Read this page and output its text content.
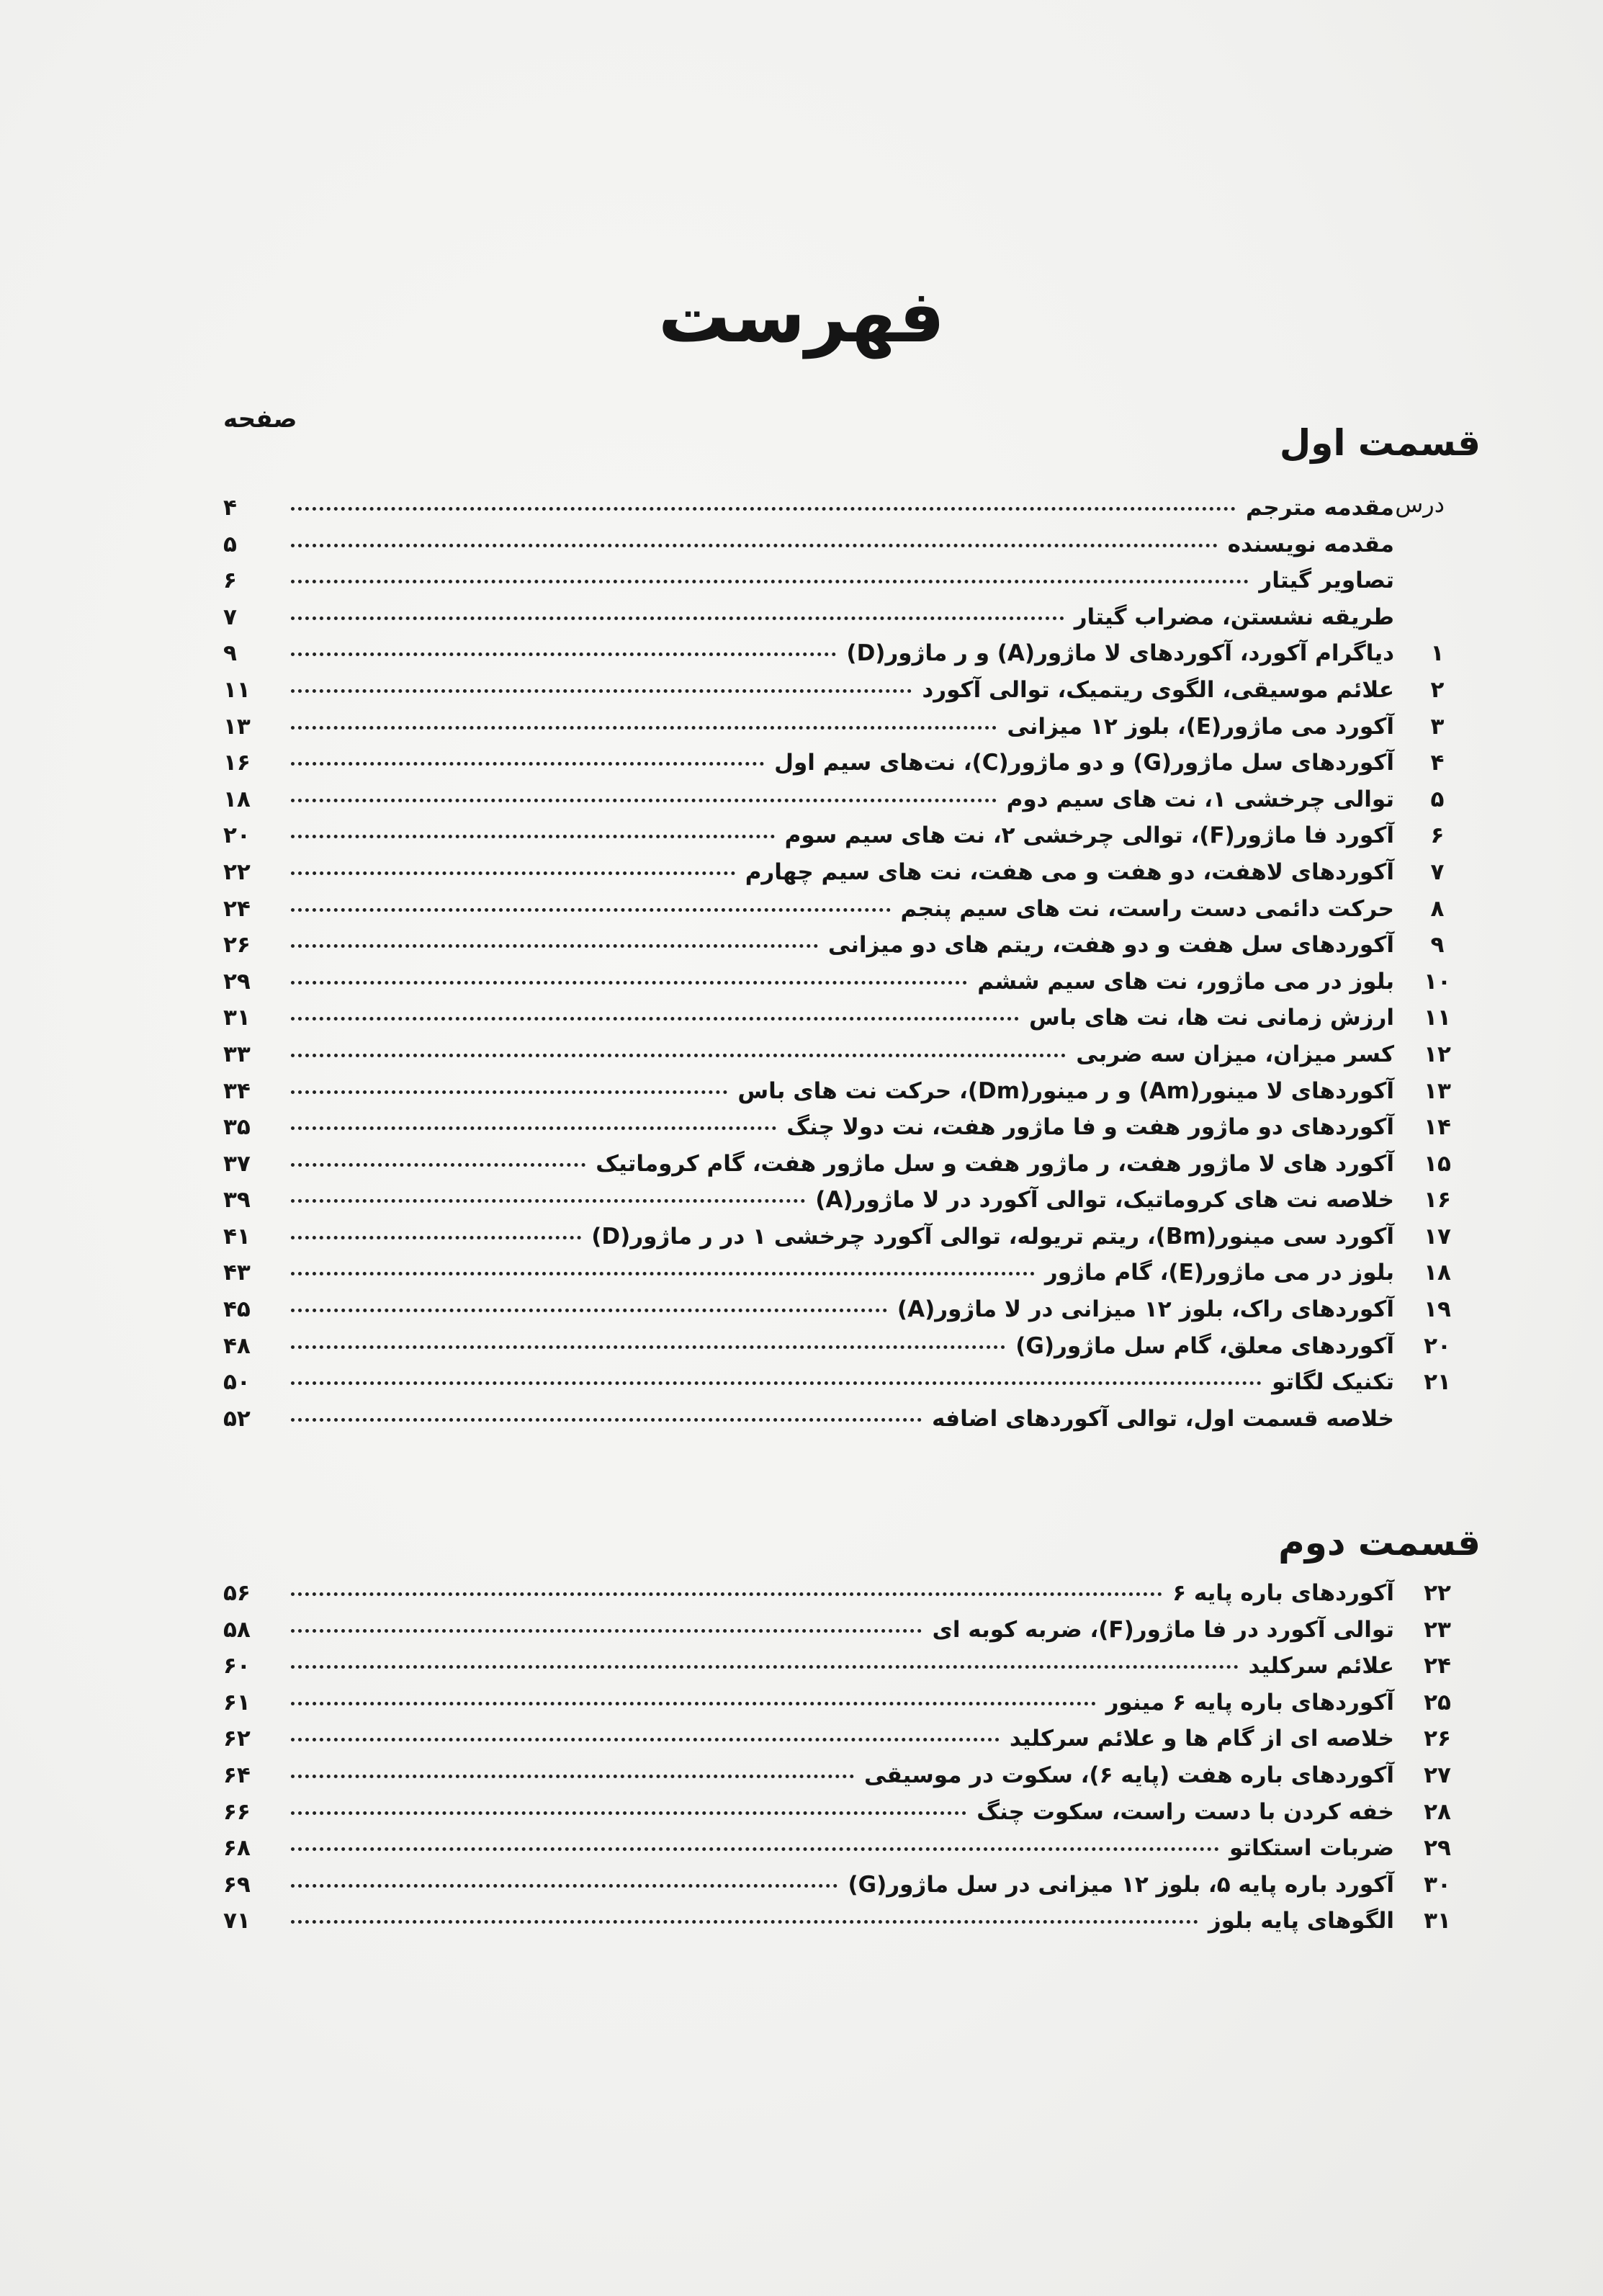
فهرست
صفحه
درس
قسمت اول
مقدمه مترجم
۴
مقدمه نویسنده
۵
تصاویر گیتار
۶
طریقه نشستن، مضراب گیتار
۷
۱
دیاگرام آکورد، آکوردهای لا ماژور(A) و ر ماژور(D)
۹
۲
علائم موسیقی، الگوی ریتمیک، توالی آکورد
۱۱
۳
آکورد می ماژور(E)، بلوز ۱۲ میزانی
۱۳
۴
آکوردهای سل ماژور(G) و دو ماژور(C)، نت‌های سیم اول
۱۶
۵
توالی چرخشی ۱، نت های سیم دوم
۱۸
۶
آکورد فا ماژور(F)، توالی چرخشی ۲، نت های سیم سوم
۲۰
۷
آکوردهای لاهفت، دو هفت و می هفت، نت های سیم چهارم
۲۲
۸
حرکت دائمی دست راست، نت های سیم پنجم
۲۴
۹
آکوردهای سل هفت و دو هفت، ریتم های دو میزانی
۲۶
۱۰
بلوز در می ماژور، نت های سیم ششم
۲۹
۱۱
ارزش زمانی نت ها، نت های باس
۳۱
۱۲
کسر میزان، میزان سه ضربی
۳۳
۱۳
آکوردهای لا مینور(Am) و ر مینور(Dm)، حرکت نت های باس
۳۴
۱۴
آکوردهای دو ماژور هفت و فا ماژور هفت، نت دولا چنگ
۳۵
۱۵
آکورد های لا ماژور هفت، ر ماژور هفت و سل ماژور هفت، گام کروماتیک
۳۷
۱۶
خلاصه نت های کروماتیک، توالی آکورد در لا ماژور(A)
۳۹
۱۷
آکورد سی مینور(Bm)، ریتم تریوله، توالی آکورد چرخشی ۱ در ر ماژور(D)
۴۱
۱۸
بلوز در می ماژور(E)، گام ماژور
۴۳
۱۹
آکوردهای راک، بلوز ۱۲ میزانی در لا ماژور(A)
۴۵
۲۰
آکوردهای معلق، گام سل ماژور(G)
۴۸
۲۱
تکنیک لگاتو
۵۰
خلاصه قسمت اول، توالی آکوردهای اضافه
۵۲
قسمت دوم
۲۲
آکوردهای باره پایه ۶
۵۶
۲۳
توالی آکورد در فا ماژور(F)، ضربه کوبه ای
۵۸
۲۴
علائم سرکلید
۶۰
۲۵
آکوردهای باره پایه ۶ مینور
۶۱
۲۶
خلاصه ای از گام ها و علائم سرکلید
۶۲
۲۷
آکوردهای باره هفت (پایه ۶)، سکوت در موسیقی
۶۴
۲۸
خفه کردن با دست راست، سکوت چنگ
۶۶
۲۹
ضربات استکاتو
۶۸
۳۰
آکورد باره پایه ۵، بلوز ۱۲ میزانی در سل ماژور(G)
۶۹
۳۱
الگوهای پایه بلوز
۷۱
